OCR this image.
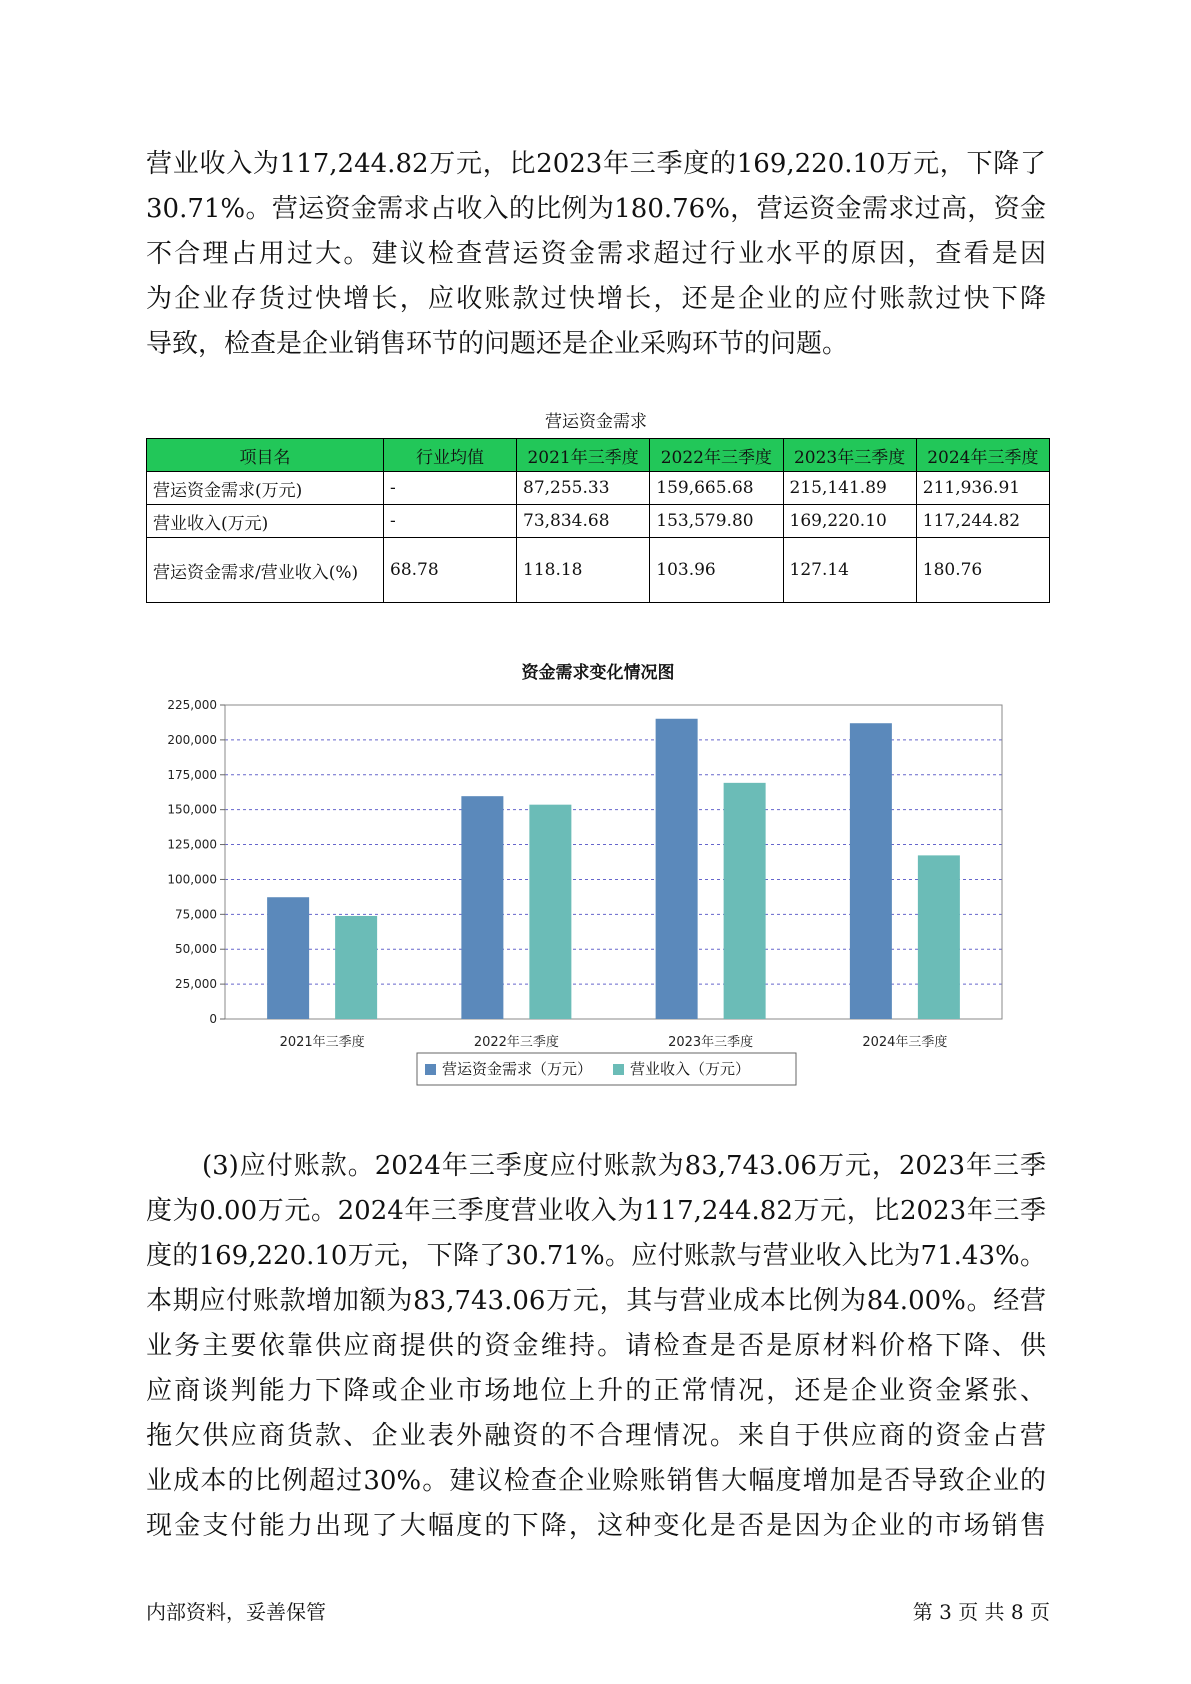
营业收入为117,244.82万元，比2023年三季度的169,220.10万元，下降了
30.71%。营运资金需求占收入的比例为180.76%，营运资金需求过高，资金
不合理占用过大。建议检查营运资金需求超过行业水平的原因，查看是因
为企业存货过快增长，应收账款过快增长，还是企业的应付账款过快下降
导致，检查是企业销售环节的问题还是企业采购环节的问题。
营运资金需求
项目名	行业均值	2021年三季度	2022年三季度	2023年三季度	2024年三季度
营运资金需求(万元)	-	87,255.33	159,665.68	215,141.89	211,936.91
营业收入(万元)	-	73,834.68	153,579.80	169,220.10	117,244.82
营运资金需求/营业收入(%)	68.78	118.18	103.96	127.14	180.76
资金需求变化情况图
0
25,000
50,000
75,000
100,000
125,000
150,000
175,000
200,000
225,000
2021年三季度	2022年三季度	2023年三季度	2024年三季度
营运资金需求（万元）	营业收入（万元）
(3)应付账款。2024年三季度应付账款为83,743.06万元，2023年三季
度为0.00万元。2024年三季度营业收入为117,244.82万元，比2023年三季
度的169,220.10万元，下降了30.71%。应付账款与营业收入比为71.43%。
本期应付账款增加额为83,743.06万元，其与营业成本比例为84.00%。经营
业务主要依靠供应商提供的资金维持。请检查是否是原材料价格下降、供
应商谈判能力下降或企业市场地位上升的正常情况，还是企业资金紧张、
拖欠供应商货款、企业表外融资的不合理情况。来自于供应商的资金占营
业成本的比例超过30%。建议检查企业赊账销售大幅度增加是否导致企业的
现金支付能力出现了大幅度的下降，这种变化是否是因为企业的市场销售
内部资料，妥善保管	第 3 页 共 8 页
